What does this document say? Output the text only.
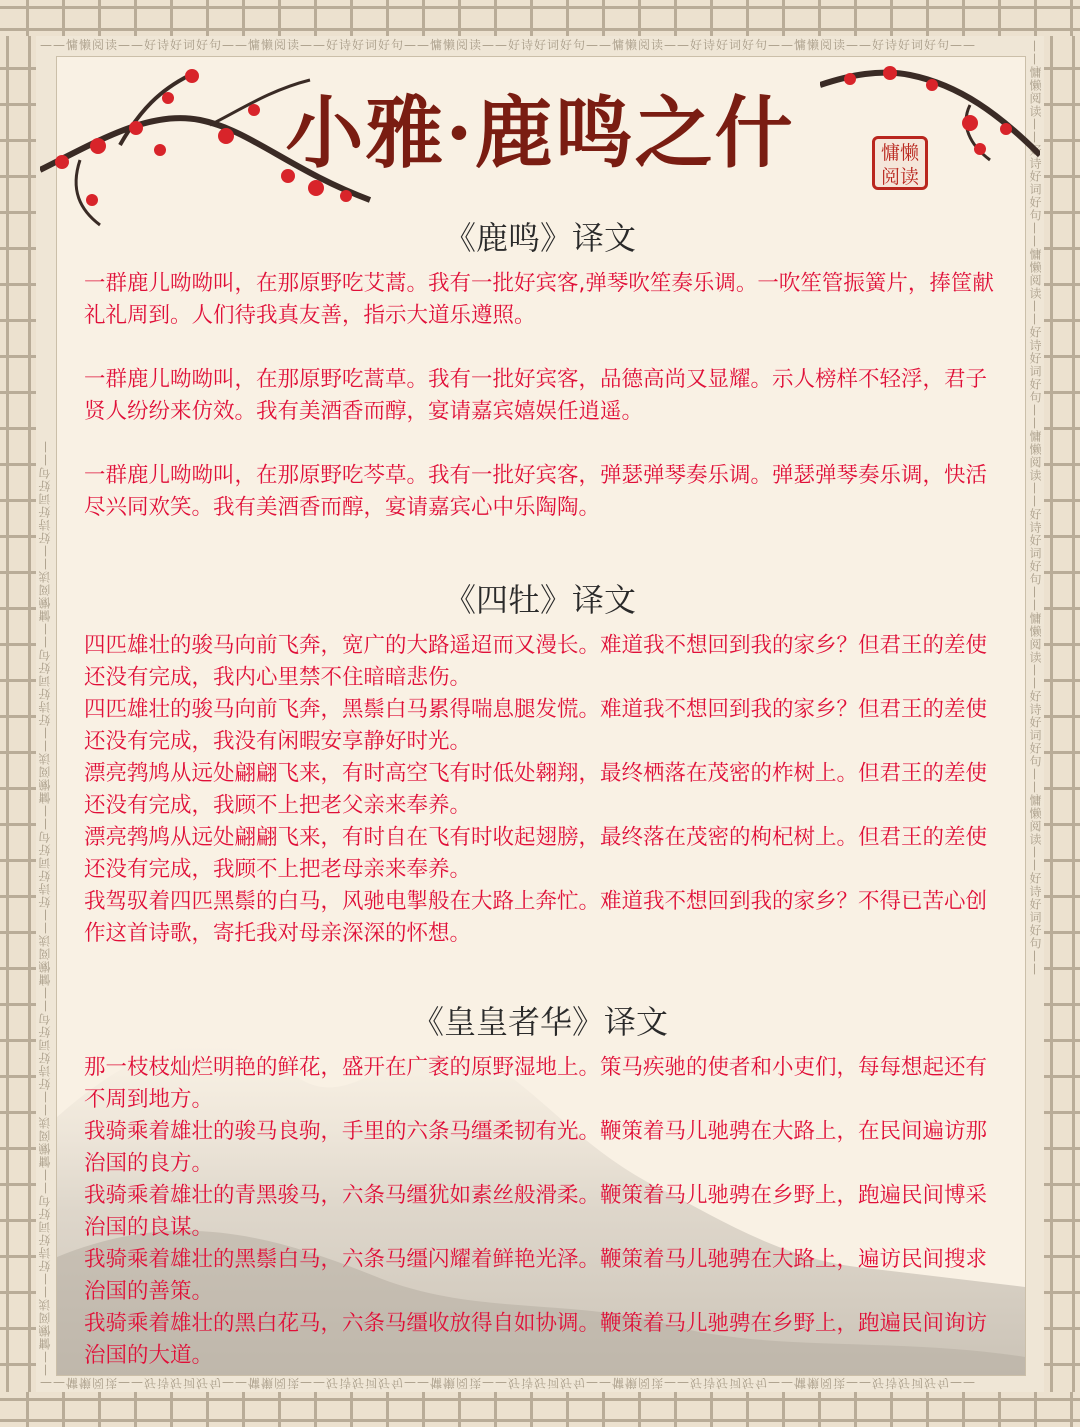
——慵懒阅读——好诗好词好句——慵懒阅读——好诗好词好句——慵懒阅读——好诗好词好句——慵懒阅读——好诗好词好句——慵懒阅读——好诗好词好句——
——慵懒阅读——好诗好词好句——慵懒阅读——好诗好词好句——慵懒阅读——好诗好词好句——慵懒阅读——好诗好词好句——慵懒阅读——好诗好词好句——
——慵懒阅读——好诗好词好句——慵懒阅读——好诗好词好句——慵懒阅读——好诗好词好句——慵懒阅读——好诗好词好句——慵懒阅读——好诗好词好句——	——慵懒阅读——好诗好词好句——慵懒阅读——好诗好词好句——慵懒阅读——好诗好词好句——慵懒阅读——好诗好词好句——慵懒阅读——好诗好词好句——
小雅·鹿鸣之什	慵懒阅读
《鹿鸣》译文

一群鹿儿呦呦叫，在那原野吃艾蒿。我有一批好宾客,弹琴吹笙奏乐调。一吹笙管振簧片，捧筐献礼礼周到。人们待我真友善，指示大道乐遵照。

一群鹿儿呦呦叫，在那原野吃蒿草。我有一批好宾客，品德高尚又显耀。示人榜样不轻浮，君子贤人纷纷来仿效。我有美酒香而醇，宴请嘉宾嬉娱任逍遥。

一群鹿儿呦呦叫，在那原野吃芩草。我有一批好宾客，弹瑟弹琴奏乐调。弹瑟弹琴奏乐调，快活尽兴同欢笑。我有美酒香而醇，宴请嘉宾心中乐陶陶。

《四牡》译文

四匹雄壮的骏马向前飞奔，宽广的大路遥迢而又漫长。难道我不想回到我的家乡？但君王的差使还没有完成，我内心里禁不住暗暗悲伤。

四匹雄壮的骏马向前飞奔，黑鬃白马累得喘息腿发慌。难道我不想回到我的家乡？但君王的差使还没有完成，我没有闲暇安享静好时光。

漂亮鹁鸠从远处翩翩飞来，有时高空飞有时低处翱翔，最终栖落在茂密的柞树上。但君王的差使还没有完成，我顾不上把老父亲来奉养。

漂亮鹁鸠从远处翩翩飞来，有时自在飞有时收起翅膀，最终落在茂密的枸杞树上。但君王的差使还没有完成，我顾不上把老母亲来奉养。

我驾驭着四匹黑鬃的白马，风驰电掣般在大路上奔忙。难道我不想回到我的家乡？不得已苦心创作这首诗歌，寄托我对母亲深深的怀想。

《皇皇者华》译文

那一枝枝灿烂明艳的鲜花，盛开在广袤的原野湿地上。策马疾驰的使者和小吏们，每每想起还有不周到地方。

我骑乘着雄壮的骏马良驹，手里的六条马缰柔韧有光。鞭策着马儿驰骋在大路上，在民间遍访那治国的良方。

我骑乘着雄壮的青黑骏马，六条马缰犹如素丝般滑柔。鞭策着马儿驰骋在乡野上，跑遍民间博采治国的良谋。

我骑乘着雄壮的黑鬃白马，六条马缰闪耀着鲜艳光泽。鞭策着马儿驰骋在大路上，遍访民间搜求治国的善策。

我骑乘着雄壮的黑白花马，六条马缰收放得自如协调。鞭策着马儿驰骋在乡野上，跑遍民间询访治国的大道。
